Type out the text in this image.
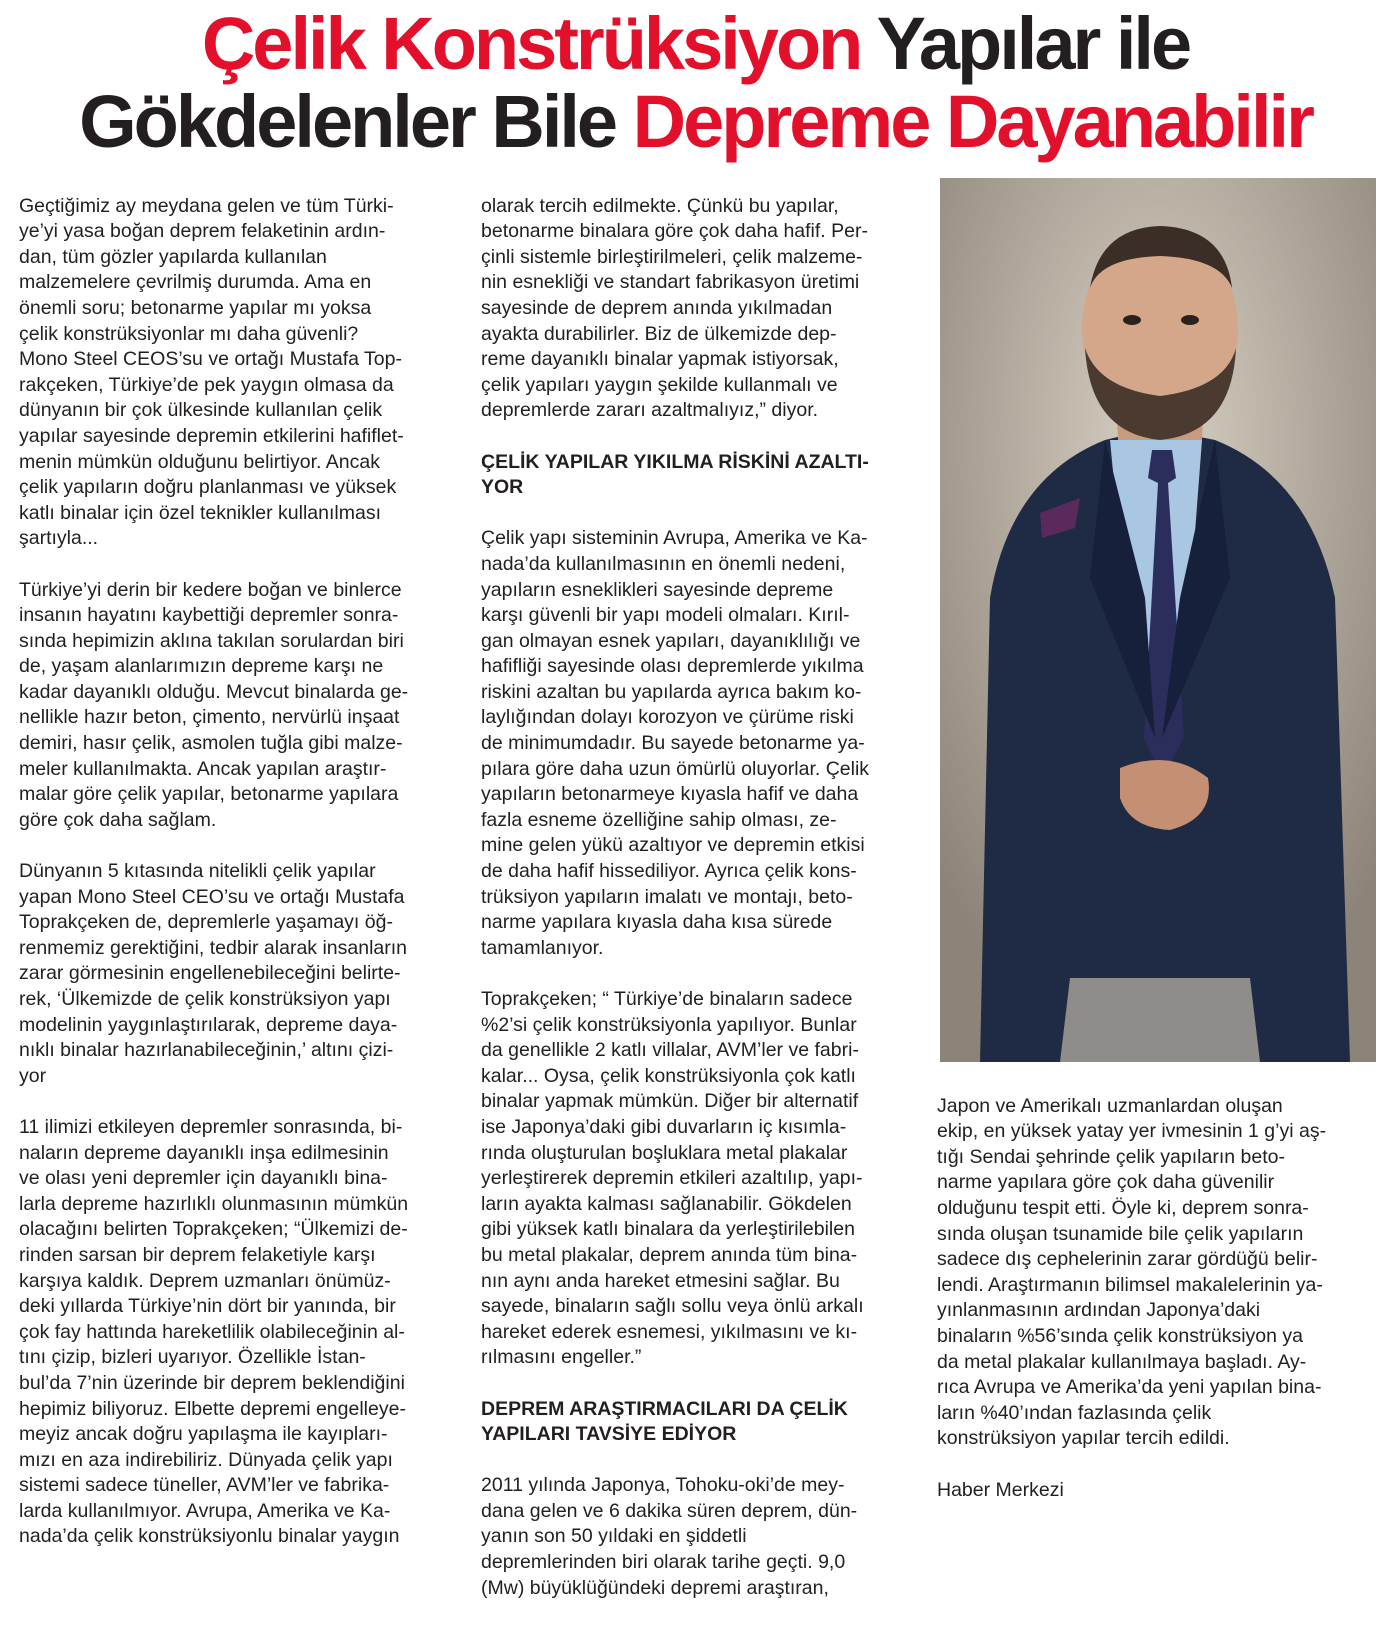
Çelik Konstrüksiyon Yapılar ile
Gökdelenler Bile Depreme Dayanabilir

Geçtiğimiz ay meydana gelen ve tüm Türki-
ye’yi yasa boğan deprem felaketinin ardın-
dan, tüm gözler yapılarda kullanılan
malzemelere çevrilmiş durumda. Ama en
önemli soru; betonarme yapılar mı yoksa
çelik konstrüksiyonlar mı daha güvenli?
Mono Steel CEOS’su ve ortağı Mustafa Top-
rakçeken, Türkiye’de pek yaygın olmasa da
dünyanın bir çok ülkesinde kullanılan çelik
yapılar sayesinde depremin etkilerini hafiflet-
menin mümkün olduğunu belirtiyor. Ancak
çelik yapıların doğru planlanması ve yüksek
katlı binalar için özel teknikler kullanılması
şartıyla...

Türkiye’yi derin bir kedere boğan ve binlerce
insanın hayatını kaybettiği depremler sonra-
sında hepimizin aklına takılan sorulardan biri
de, yaşam alanlarımızın depreme karşı ne
kadar dayanıklı olduğu. Mevcut binalarda ge-
nellikle hazır beton, çimento, nervürlü inşaat
demiri, hasır çelik, asmolen tuğla gibi malze-
meler kullanılmakta. Ancak yapılan araştır-
malar göre çelik yapılar, betonarme yapılara
göre çok daha sağlam.

Dünyanın 5 kıtasında nitelikli çelik yapılar
yapan Mono Steel CEO’su ve ortağı Mustafa
Toprakçeken de, depremlerle yaşamayı öğ-
renmemiz gerektiğini, tedbir alarak insanların
zarar görmesinin engellenebileceğini belirte-
rek, ‘Ülkemizde de çelik konstrüksiyon yapı
modelinin yaygınlaştırılarak, depreme daya-
nıklı binalar hazırlanabileceğinin,’ altını çizi-
yor

11 ilimizi etkileyen depremler sonrasında, bi-
naların depreme dayanıklı inşa edilmesinin
ve olası yeni depremler için dayanıklı bina-
larla depreme hazırlıklı olunmasının mümkün
olacağını belirten Toprakçeken; “Ülkemizi de-
rinden sarsan bir deprem felaketiyle karşı
karşıya kaldık. Deprem uzmanları önümüz-
deki yıllarda Türkiye’nin dört bir yanında, bir
çok fay hattında hareketlilik olabileceğinin al-
tını çizip, bizleri uyarıyor. Özellikle İstan-
bul’da 7’nin üzerinde bir deprem beklendiğini
hepimiz biliyoruz. Elbette depremi engelleye-
meyiz ancak doğru yapılaşma ile kayıpları-
mızı en aza indirebiliriz. Dünyada çelik yapı
sistemi sadece tüneller, AVM’ler ve fabrika-
larda kullanılmıyor. Avrupa, Amerika ve Ka-
nada’da çelik konstrüksiyonlu binalar yaygın

olarak tercih edilmekte. Çünkü bu yapılar,
betonarme binalara göre çok daha hafif. Per-
çinli sistemle birleştirilmeleri, çelik malzeme-
nin esnekliği ve standart fabrikasyon üretimi
sayesinde de deprem anında yıkılmadan
ayakta durabilirler. Biz de ülkemizde dep-
reme dayanıklı binalar yapmak istiyorsak,
çelik yapıları yaygın şekilde kullanmalı ve
depremlerde zararı azaltmalıyız,” diyor.

ÇELİK YAPILAR YIKILMA RİSKİNİ AZALTI-
YOR

Çelik yapı sisteminin Avrupa, Amerika ve Ka-
nada’da kullanılmasının en önemli nedeni,
yapıların esneklikleri sayesinde depreme
karşı güvenli bir yapı modeli olmaları. Kırıl-
gan olmayan esnek yapıları, dayanıklılığı ve
hafifliği sayesinde olası depremlerde yıkılma
riskini azaltan bu yapılarda ayrıca bakım ko-
laylığından dolayı korozyon ve çürüme riski
de minimumdadır. Bu sayede betonarme ya-
pılara göre daha uzun ömürlü oluyorlar. Çelik
yapıların betonarmeye kıyasla hafif ve daha
fazla esneme özelliğine sahip olması, ze-
mine gelen yükü azaltıyor ve depremin etkisi
de daha hafif hissediliyor. Ayrıca çelik kons-
trüksiyon yapıların imalatı ve montajı, beto-
narme yapılara kıyasla daha kısa sürede
tamamlanıyor.

Toprakçeken; “ Türkiye’de binaların sadece
%2’si çelik konstrüksiyonla yapılıyor. Bunlar
da genellikle 2 katlı villalar, AVM’ler ve fabri-
kalar... Oysa, çelik konstrüksiyonla çok katlı
binalar yapmak mümkün. Diğer bir alternatif
ise Japonya’daki gibi duvarların iç kısımla-
rında oluşturulan boşluklara metal plakalar
yerleştirerek depremin etkileri azaltılıp, yapı-
ların ayakta kalması sağlanabilir. Gökdelen
gibi yüksek katlı binalara da yerleştirilebilen
bu metal plakalar, deprem anında tüm bina-
nın aynı anda hareket etmesini sağlar. Bu
sayede, binaların sağlı sollu veya önlü arkalı
hareket ederek esnemesi, yıkılmasını ve kı-
rılmasını engeller.”

DEPREM ARAŞTIRMACILARI DA ÇELİK
YAPILARI TAVSİYE EDİYOR

2011 yılında Japonya, Tohoku-oki’de mey-
dana gelen ve 6 dakika süren deprem, dün-
yanın son 50 yıldaki en şiddetli
depremlerinden biri olarak tarihe geçti. 9,0
(Mw) büyüklüğündeki depremi araştıran,

Japon ve Amerikalı uzmanlardan oluşan
ekip, en yüksek yatay yer ivmesinin 1 g’yi aş-
tığı Sendai şehrinde çelik yapıların beto-
narme yapılara göre çok daha güvenilir
olduğunu tespit etti. Öyle ki, deprem sonra-
sında oluşan tsunamide bile çelik yapıların
sadece dış cephelerinin zarar gördüğü belir-
lendi. Araştırmanın bilimsel makalelerinin ya-
yınlanmasının ardından Japonya’daki
binaların %56’sında çelik konstrüksiyon ya
da metal plakalar kullanılmaya başladı. Ay-
rıca Avrupa ve Amerika’da yeni yapılan bina-
ların %40’ından fazlasında çelik
konstrüksiyon yapılar tercih edildi.

Haber Merkezi
